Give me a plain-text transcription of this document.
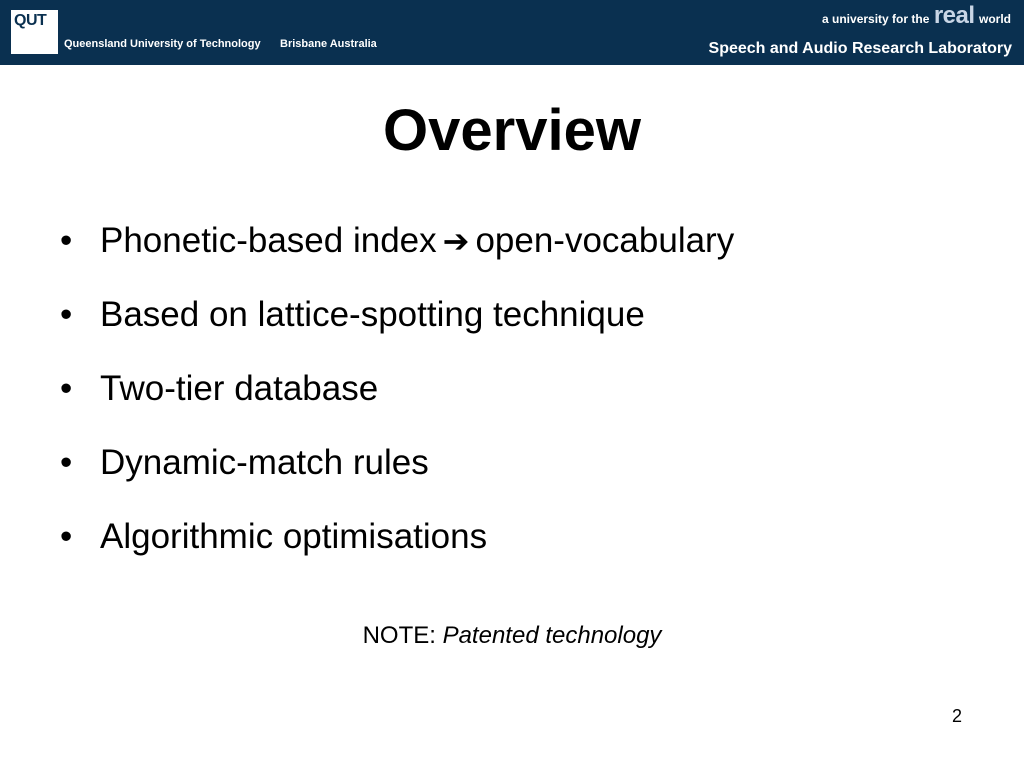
QUT
Queensland University of Technology Brisbane Australia
a university for the real world
Speech and Audio Research Laboratory
Overview
• Phonetic-based index ➔ open-vocabulary
• Based on lattice-spotting technique
• Two-tier database
• Dynamic-match rules
• Algorithmic optimisations
NOTE: Patented technology
2
